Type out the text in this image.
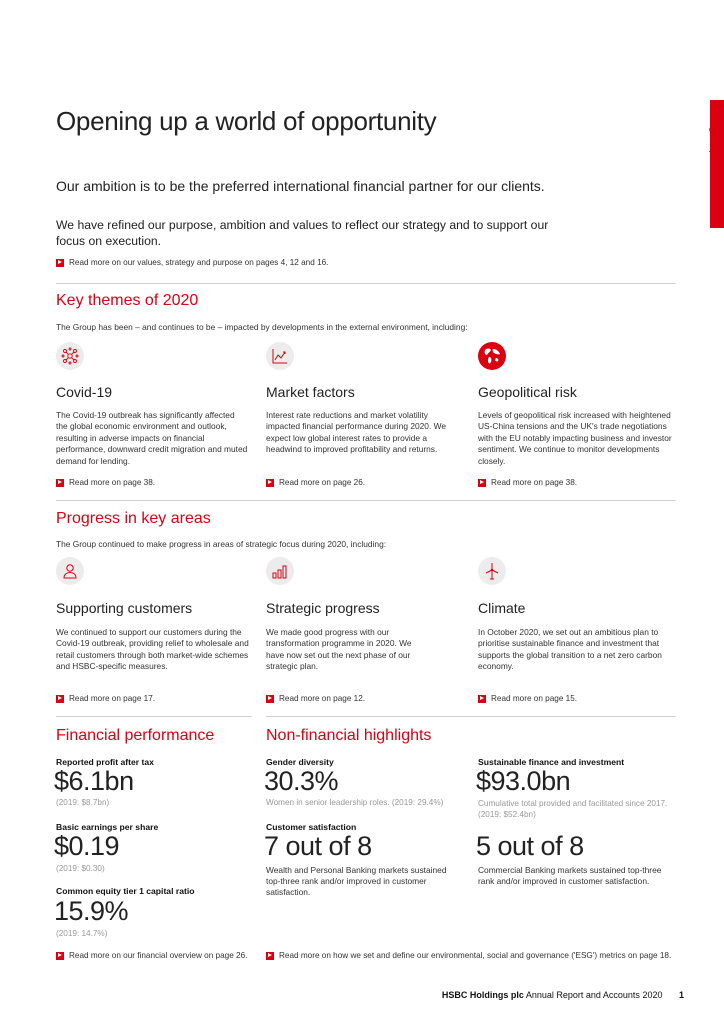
Strategic report
Opening up a world of opportunity
Our ambition is to be the preferred international financial partner for our clients.
We have refined our purpose, ambition and values to reflect our strategy and to support our focus on execution.
Read more on our values, strategy and purpose on pages 4, 12 and 16.
Key themes of 2020
The Group has been – and continues to be – impacted by developments in the external environment, including:
Covid-19
The Covid-19 outbreak has significantly affected the global economic environment and outlook, resulting in adverse impacts on financial performance, downward credit migration and muted demand for lending.
Read more on page 38.
Market factors
Interest rate reductions and market volatility impacted financial performance during 2020. We expect low global interest rates to provide a headwind to improved profitability and returns.
Read more on page 26.
Geopolitical risk
Levels of geopolitical risk increased with heightened US-China tensions and the UK's trade negotiations with the EU notably impacting business and investor sentiment. We continue to monitor developments closely.
Read more on page 38.
Progress in key areas
The Group continued to make progress in areas of strategic focus during 2020, including:
Supporting customers
We continued to support our customers during the Covid-19 outbreak, providing relief to wholesale and retail customers through both market-wide schemes and HSBC-specific measures.
Read more on page 17.
Strategic progress
We made good progress with our transformation programme in 2020. We have now set out the next phase of our strategic plan.
Read more on page 12.
Climate
In October 2020, we set out an ambitious plan to prioritise sustainable finance and investment that supports the global transition to a net zero carbon economy.
Read more on page 15.
Financial performance
Reported profit after tax
$6.1bn
(2019: $8.7bn)
Basic earnings per share
$0.19
(2019: $0.30)
Common equity tier 1 capital ratio
15.9%
(2019: 14.7%)
Read more on our financial overview on page 26.
Non-financial highlights
Gender diversity
30.3%
Women in senior leadership roles. (2019: 29.4%)
Sustainable finance and investment
$93.0bn
Cumulative total provided and facilitated since 2017. (2019: $52.4bn)
Customer satisfaction
7 out of 8
Wealth and Personal Banking markets sustained top-three rank and/or improved in customer satisfaction.
5 out of 8
Commercial Banking markets sustained top-three rank and/or improved in customer satisfaction.
Read more on how we set and define our environmental, social and governance ('ESG') metrics on page 18.
HSBC Holdings plc Annual Report and Accounts 2020 1
